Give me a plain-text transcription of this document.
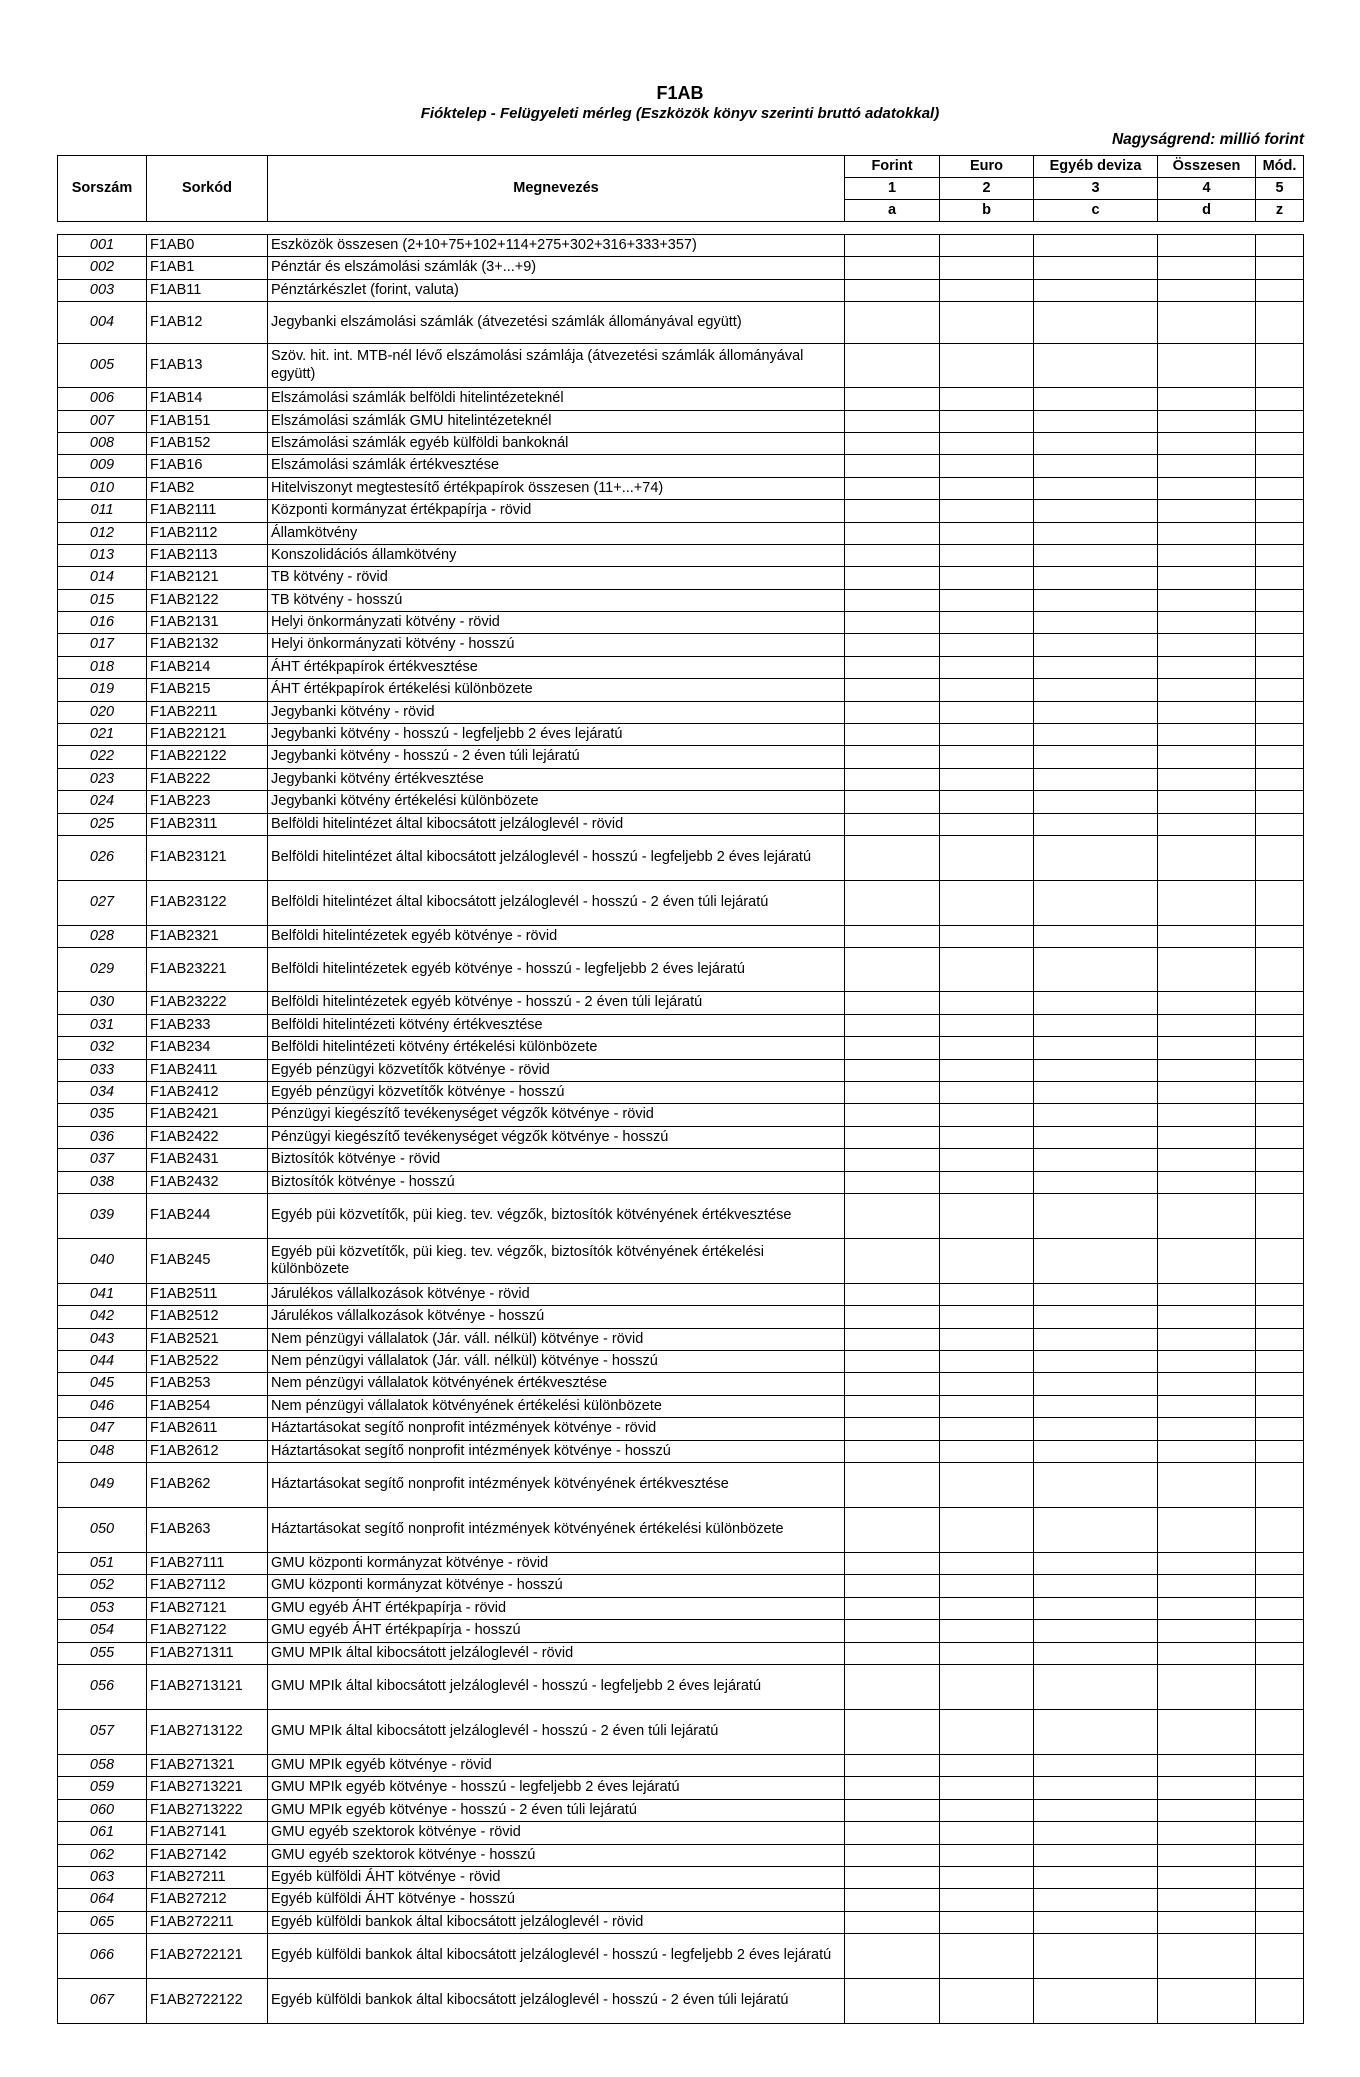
F1AB
Fióktelep - Felügyeleti mérleg (Eszközök könyv szerinti bruttó adatokkal)
Nagyságrend: millió forint
Sorszám	Sorkód	Megnevezés	Forint	Euro	Egyéb deviza	Összesen	Mód.
			1	2	3	4	5
			a	b	c	d	z

001	F1AB0	Eszközök összesen (2+10+75+102+114+275+302+316+333+357)					
002	F1AB1	Pénztár és elszámolási számlák (3+...+9)					
003	F1AB11	Pénztárkészlet (forint, valuta)					
004	F1AB12	Jegybanki elszámolási számlák (átvezetési számlák állományával együtt)					
005	F1AB13	Szöv. hit. int. MTB-nél lévő elszámolási számlája (átvezetési számlák állományával együtt)					
006	F1AB14	Elszámolási számlák belföldi hitelintézeteknél					
007	F1AB151	Elszámolási számlák GMU hitelintézeteknél					
008	F1AB152	Elszámolási számlák egyéb külföldi bankoknál					
009	F1AB16	Elszámolási számlák értékvesztése					
010	F1AB2	Hitelviszonyt megtestesítő értékpapírok összesen (11+...+74)					
011	F1AB2111	Központi kormányzat értékpapírja - rövid					
012	F1AB2112	Államkötvény					
013	F1AB2113	Konszolidációs államkötvény					
014	F1AB2121	TB kötvény - rövid					
015	F1AB2122	TB kötvény - hosszú					
016	F1AB2131	Helyi önkormányzati kötvény - rövid					
017	F1AB2132	Helyi önkormányzati kötvény - hosszú					
018	F1AB214	ÁHT értékpapírok értékvesztése					
019	F1AB215	ÁHT értékpapírok értékelési különbözete					
020	F1AB2211	Jegybanki kötvény - rövid					
021	F1AB22121	Jegybanki kötvény - hosszú - legfeljebb 2 éves lejáratú					
022	F1AB22122	Jegybanki kötvény - hosszú - 2 éven túli lejáratú					
023	F1AB222	Jegybanki kötvény értékvesztése					
024	F1AB223	Jegybanki kötvény értékelési különbözete					
025	F1AB2311	Belföldi hitelintézet által kibocsátott jelzáloglevél - rövid					
026	F1AB23121	Belföldi hitelintézet által kibocsátott jelzáloglevél - hosszú - legfeljebb 2 éves lejáratú					
027	F1AB23122	Belföldi hitelintézet által kibocsátott jelzáloglevél - hosszú - 2 éven túli lejáratú					
028	F1AB2321	Belföldi hitelintézetek egyéb kötvénye - rövid					
029	F1AB23221	Belföldi hitelintézetek egyéb kötvénye - hosszú - legfeljebb 2 éves lejáratú					
030	F1AB23222	Belföldi hitelintézetek egyéb kötvénye - hosszú - 2 éven túli lejáratú					
031	F1AB233	Belföldi hitelintézeti kötvény értékvesztése					
032	F1AB234	Belföldi hitelintézeti kötvény értékelési különbözete					
033	F1AB2411	Egyéb pénzügyi közvetítők kötvénye - rövid					
034	F1AB2412	Egyéb pénzügyi közvetítők kötvénye - hosszú					
035	F1AB2421	Pénzügyi kiegészítő tevékenységet végzők kötvénye - rövid					
036	F1AB2422	Pénzügyi kiegészítő tevékenységet végzők kötvénye - hosszú					
037	F1AB2431	Biztosítók kötvénye - rövid					
038	F1AB2432	Biztosítók kötvénye - hosszú					
039	F1AB244	Egyéb püi közvetítők, püi kieg. tev. végzők, biztosítók kötvényének értékvesztése					
040	F1AB245	Egyéb püi közvetítők, püi kieg. tev. végzők, biztosítók kötvényének értékelési különbözete					
041	F1AB2511	Járulékos vállalkozások kötvénye - rövid					
042	F1AB2512	Járulékos vállalkozások kötvénye - hosszú					
043	F1AB2521	Nem pénzügyi vállalatok (Jár. váll. nélkül) kötvénye - rövid					
044	F1AB2522	Nem pénzügyi vállalatok (Jár. váll. nélkül) kötvénye - hosszú					
045	F1AB253	Nem pénzügyi vállalatok kötvényének értékvesztése					
046	F1AB254	Nem pénzügyi vállalatok kötvényének értékelési különbözete					
047	F1AB2611	Háztartásokat segítő nonprofit intézmények kötvénye - rövid					
048	F1AB2612	Háztartásokat segítő nonprofit intézmények kötvénye - hosszú					
049	F1AB262	Háztartásokat segítő nonprofit intézmények kötvényének értékvesztése					
050	F1AB263	Háztartásokat segítő nonprofit intézmények kötvényének értékelési különbözete					
051	F1AB27111	GMU központi kormányzat kötvénye - rövid					
052	F1AB27112	GMU központi kormányzat kötvénye - hosszú					
053	F1AB27121	GMU egyéb ÁHT értékpapírja - rövid					
054	F1AB27122	GMU egyéb ÁHT értékpapírja - hosszú					
055	F1AB271311	GMU MPIk által kibocsátott jelzáloglevél - rövid					
056	F1AB2713121	GMU MPIk által kibocsátott jelzáloglevél - hosszú - legfeljebb 2 éves lejáratú					
057	F1AB2713122	GMU MPIk által kibocsátott jelzáloglevél - hosszú - 2 éven túli lejáratú					
058	F1AB271321	GMU MPIk egyéb kötvénye - rövid					
059	F1AB2713221	GMU MPIk egyéb kötvénye - hosszú - legfeljebb 2 éves lejáratú					
060	F1AB2713222	GMU MPIk egyéb kötvénye - hosszú - 2 éven túli lejáratú					
061	F1AB27141	GMU egyéb szektorok kötvénye - rövid					
062	F1AB27142	GMU egyéb szektorok kötvénye - hosszú					
063	F1AB27211	Egyéb külföldi ÁHT kötvénye - rövid					
064	F1AB27212	Egyéb külföldi ÁHT kötvénye - hosszú					
065	F1AB272211	Egyéb külföldi bankok által kibocsátott jelzáloglevél - rövid					
066	F1AB2722121	Egyéb külföldi bankok által kibocsátott jelzáloglevél - hosszú - legfeljebb 2 éves lejáratú					
067	F1AB2722122	Egyéb külföldi bankok által kibocsátott jelzáloglevél - hosszú - 2 éven túli lejáratú					
